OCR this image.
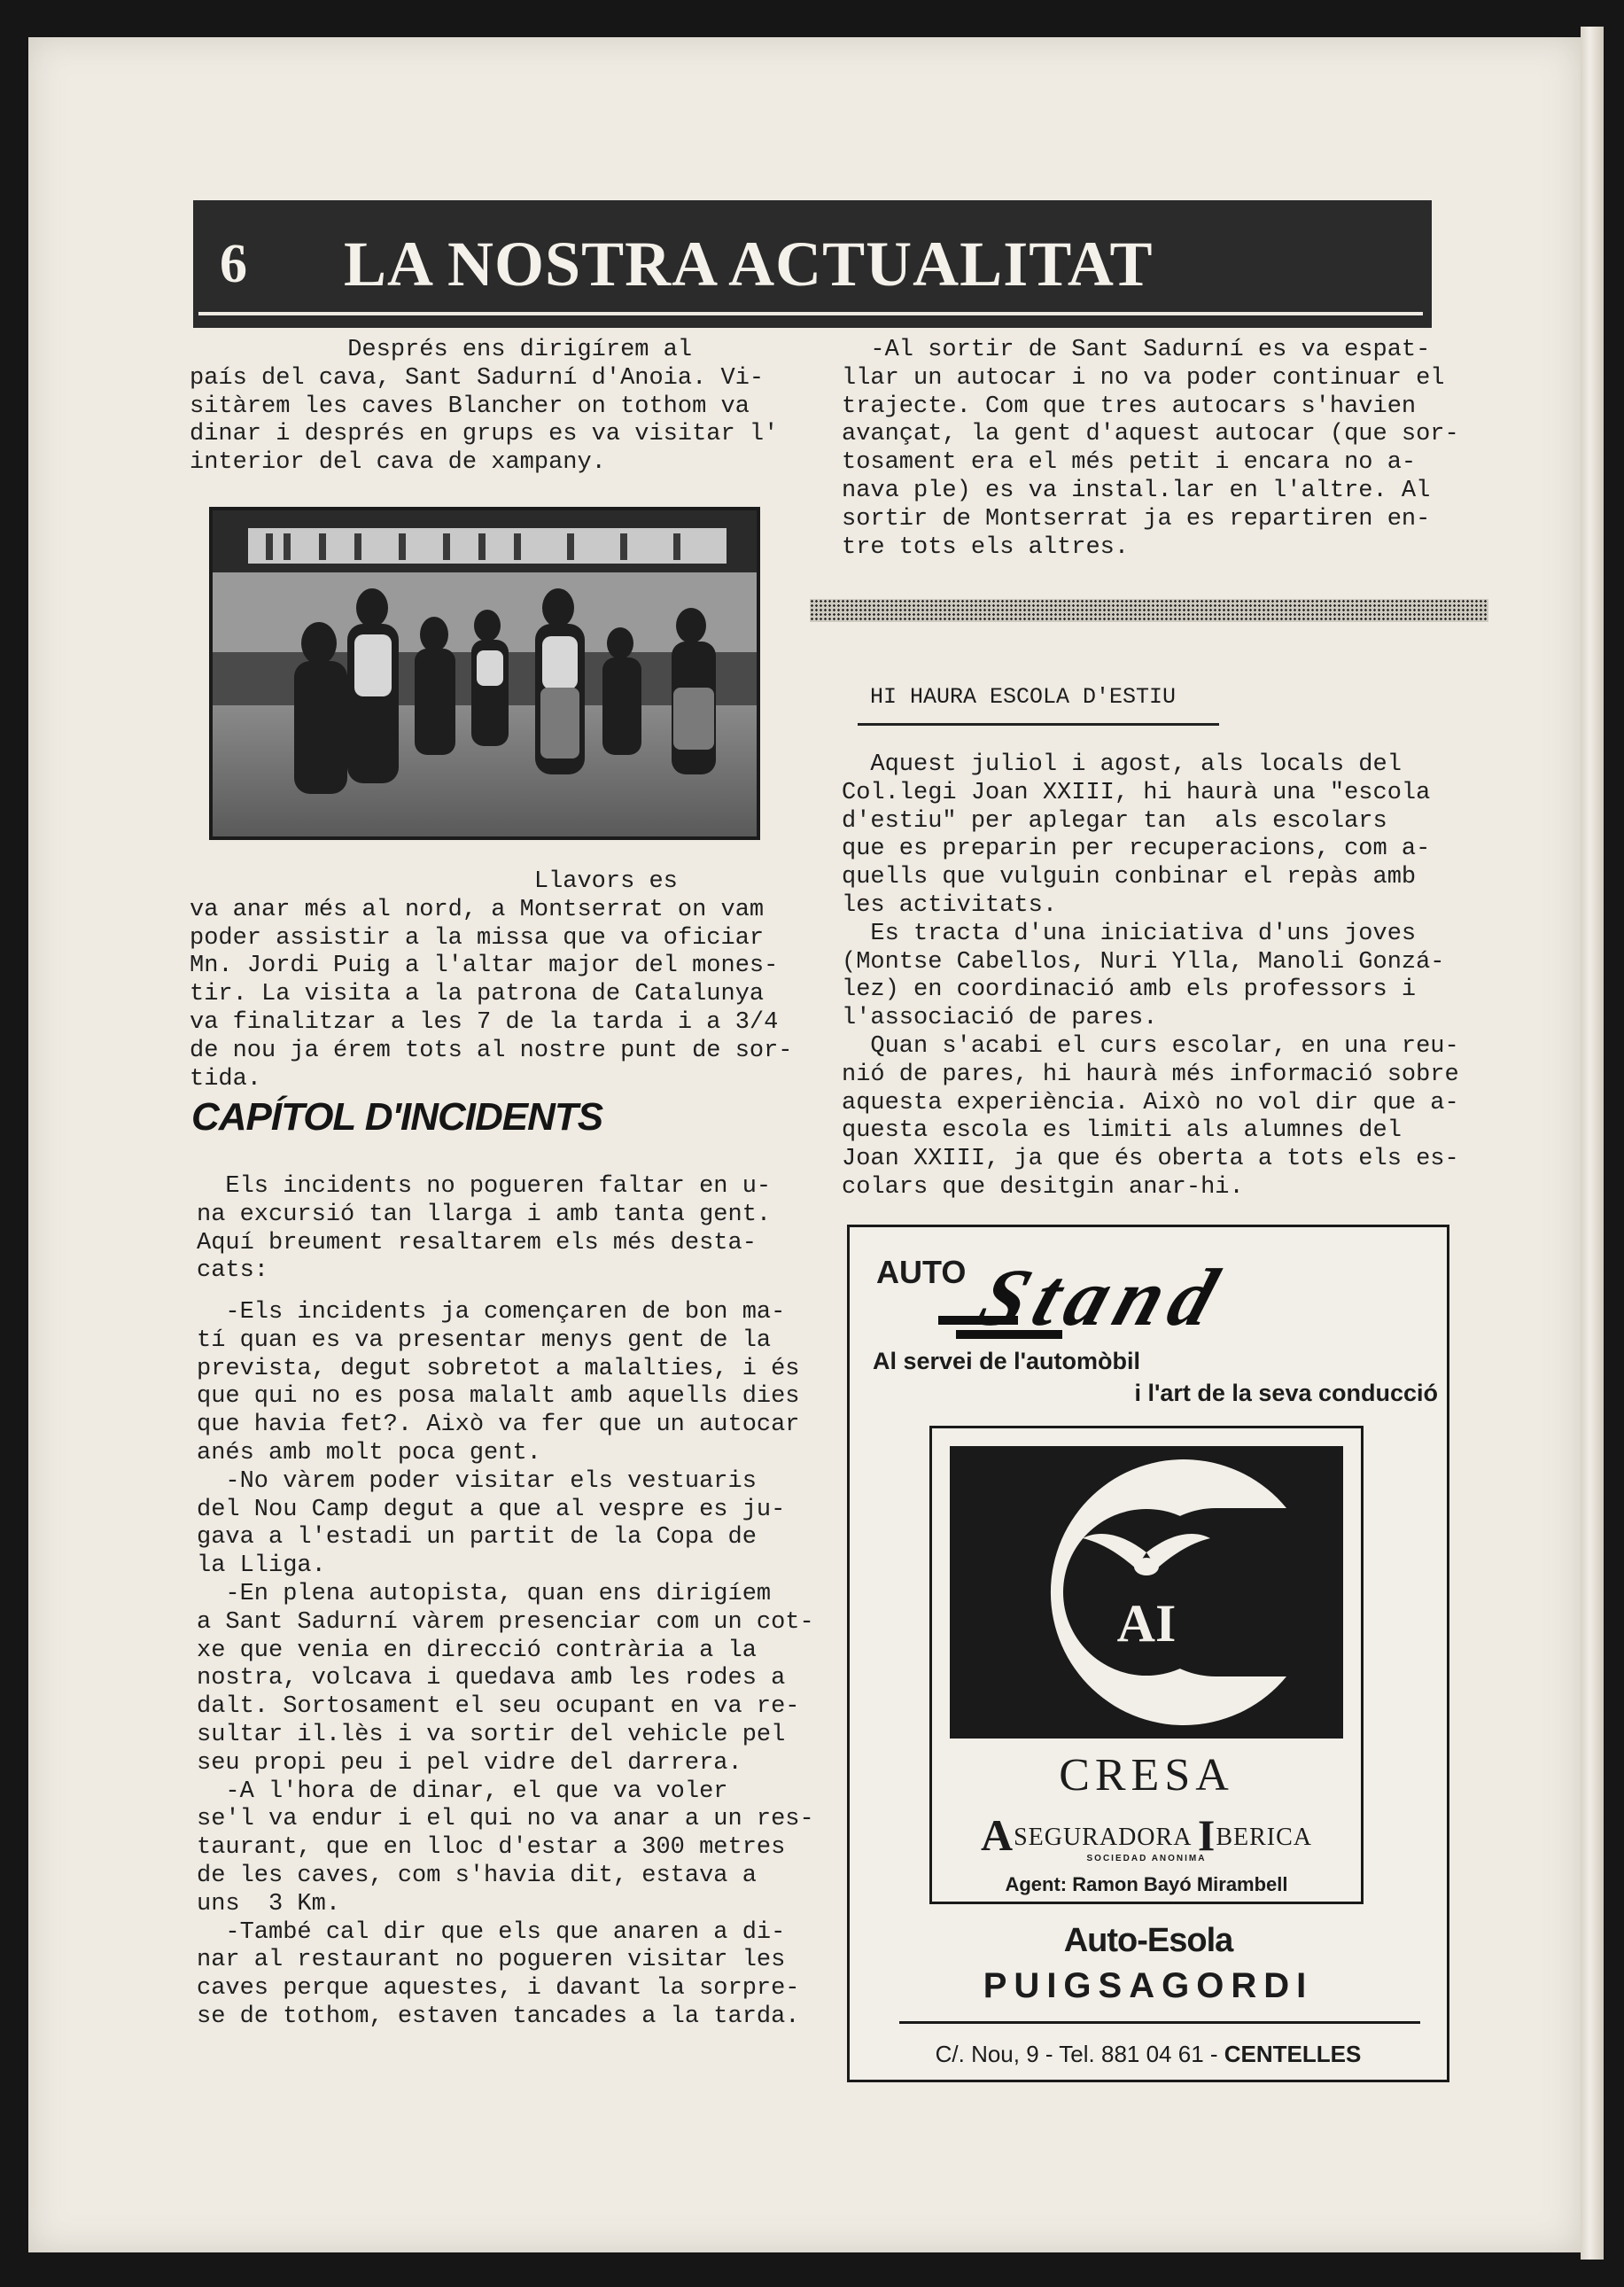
6	LA NOSTRA ACTUALITAT
Després ens dirigírem al
país del cava, Sant Sadurní d'Anoia. Vi-
sitàrem les caves Blancher on tothom va
dinar i després en grups es va visitar l'
interior del cava de xampany.
Llavors es
va anar més al nord, a Montserrat on vam
poder assistir a la missa que va oficiar
Mn. Jordi Puig a l'altar major del mones-
tir. La visita a la patrona de Catalunya
va finalitzar a les 7 de la tarda i a 3/4
de nou ja érem tots al nostre punt de sor-
tida.
CAPÍTOL D'INCIDENTS
Els incidents no pogueren faltar en u-
na excursió tan llarga i amb tanta gent.
Aquí breument resaltarem els més desta-
cats:
-Els incidents ja començaren de bon ma-
tí quan es va presentar menys gent de la
prevista, degut sobretot a malalties, i és
que qui no es posa malalt amb aquells dies
que havia fet?. Això va fer que un autocar
anés amb molt poca gent.
-No vàrem poder visitar els vestuaris
del Nou Camp degut a que al vespre es ju-
gava a l'estadi un partit de la Copa de
la Lliga.
-En plena autopista, quan ens dirigíem
a Sant Sadurní vàrem presenciar com un cot-
xe que venia en direcció contrària a la
nostra, volcava i quedava amb les rodes a
dalt. Sortosament el seu ocupant en va re-
sultar il.lès i va sortir del vehicle pel
seu propi peu i pel vidre del darrera.
-A l'hora de dinar, el que va voler
se'l va endur i el qui no va anar a un res-
taurant, que en lloc d'estar a 300 metres
de les caves, com s'havia dit, estava a
uns  3 Km.
-També cal dir que els que anaren a di-
nar al restaurant no pogueren visitar les
caves perque aquestes, i davant la sorpre-
se de tothom, estaven tancades a la tarda.
-Al sortir de Sant Sadurní es va espat-
llar un autocar i no va poder continuar el
trajecte. Com que tres autocars s'havien
avançat, la gent d'aquest autocar (que sor-
tosament era el més petit i encara no a-
nava ple) es va instal.lar en l'altre. Al
sortir de Montserrat ja es repartiren en-
tre tots els altres.
HI HAURA ESCOLA D'ESTIU
Aquest juliol i agost, als locals del
Col.legi Joan XXIII, hi haurà una "escola
d'estiu" per aplegar tan  als escolars
que es preparin per recuperacions, com a-
quells que vulguin conbinar el repàs amb
les activitats.
Es tracta d'una iniciativa d'uns joves
(Montse Cabellos, Nuri Ylla, Manoli Gonzá-
lez) en coordinació amb els professors i
l'associació de pares.
Quan s'acabi el curs escolar, en una reu-
nió de pares, hi haurà més informació sobre
aquesta experiència. Això no vol dir que a-
questa escola es limiti als alumnes del
Joan XXIII, ja que és oberta a tots els es-
colars que desitgin anar-hi.
AUTO Stand
Al servei de l'automòbil
i l'art de la seva conducció
AI
CRESA
ASEGURADORA IBERICA
SOCIEDAD ANONIMA
Agent: Ramon Bayó Mirambell
Auto-Esola
PUIGSAGORDI
C/. Nou, 9 - Tel. 881 04 61 - CENTELLES
